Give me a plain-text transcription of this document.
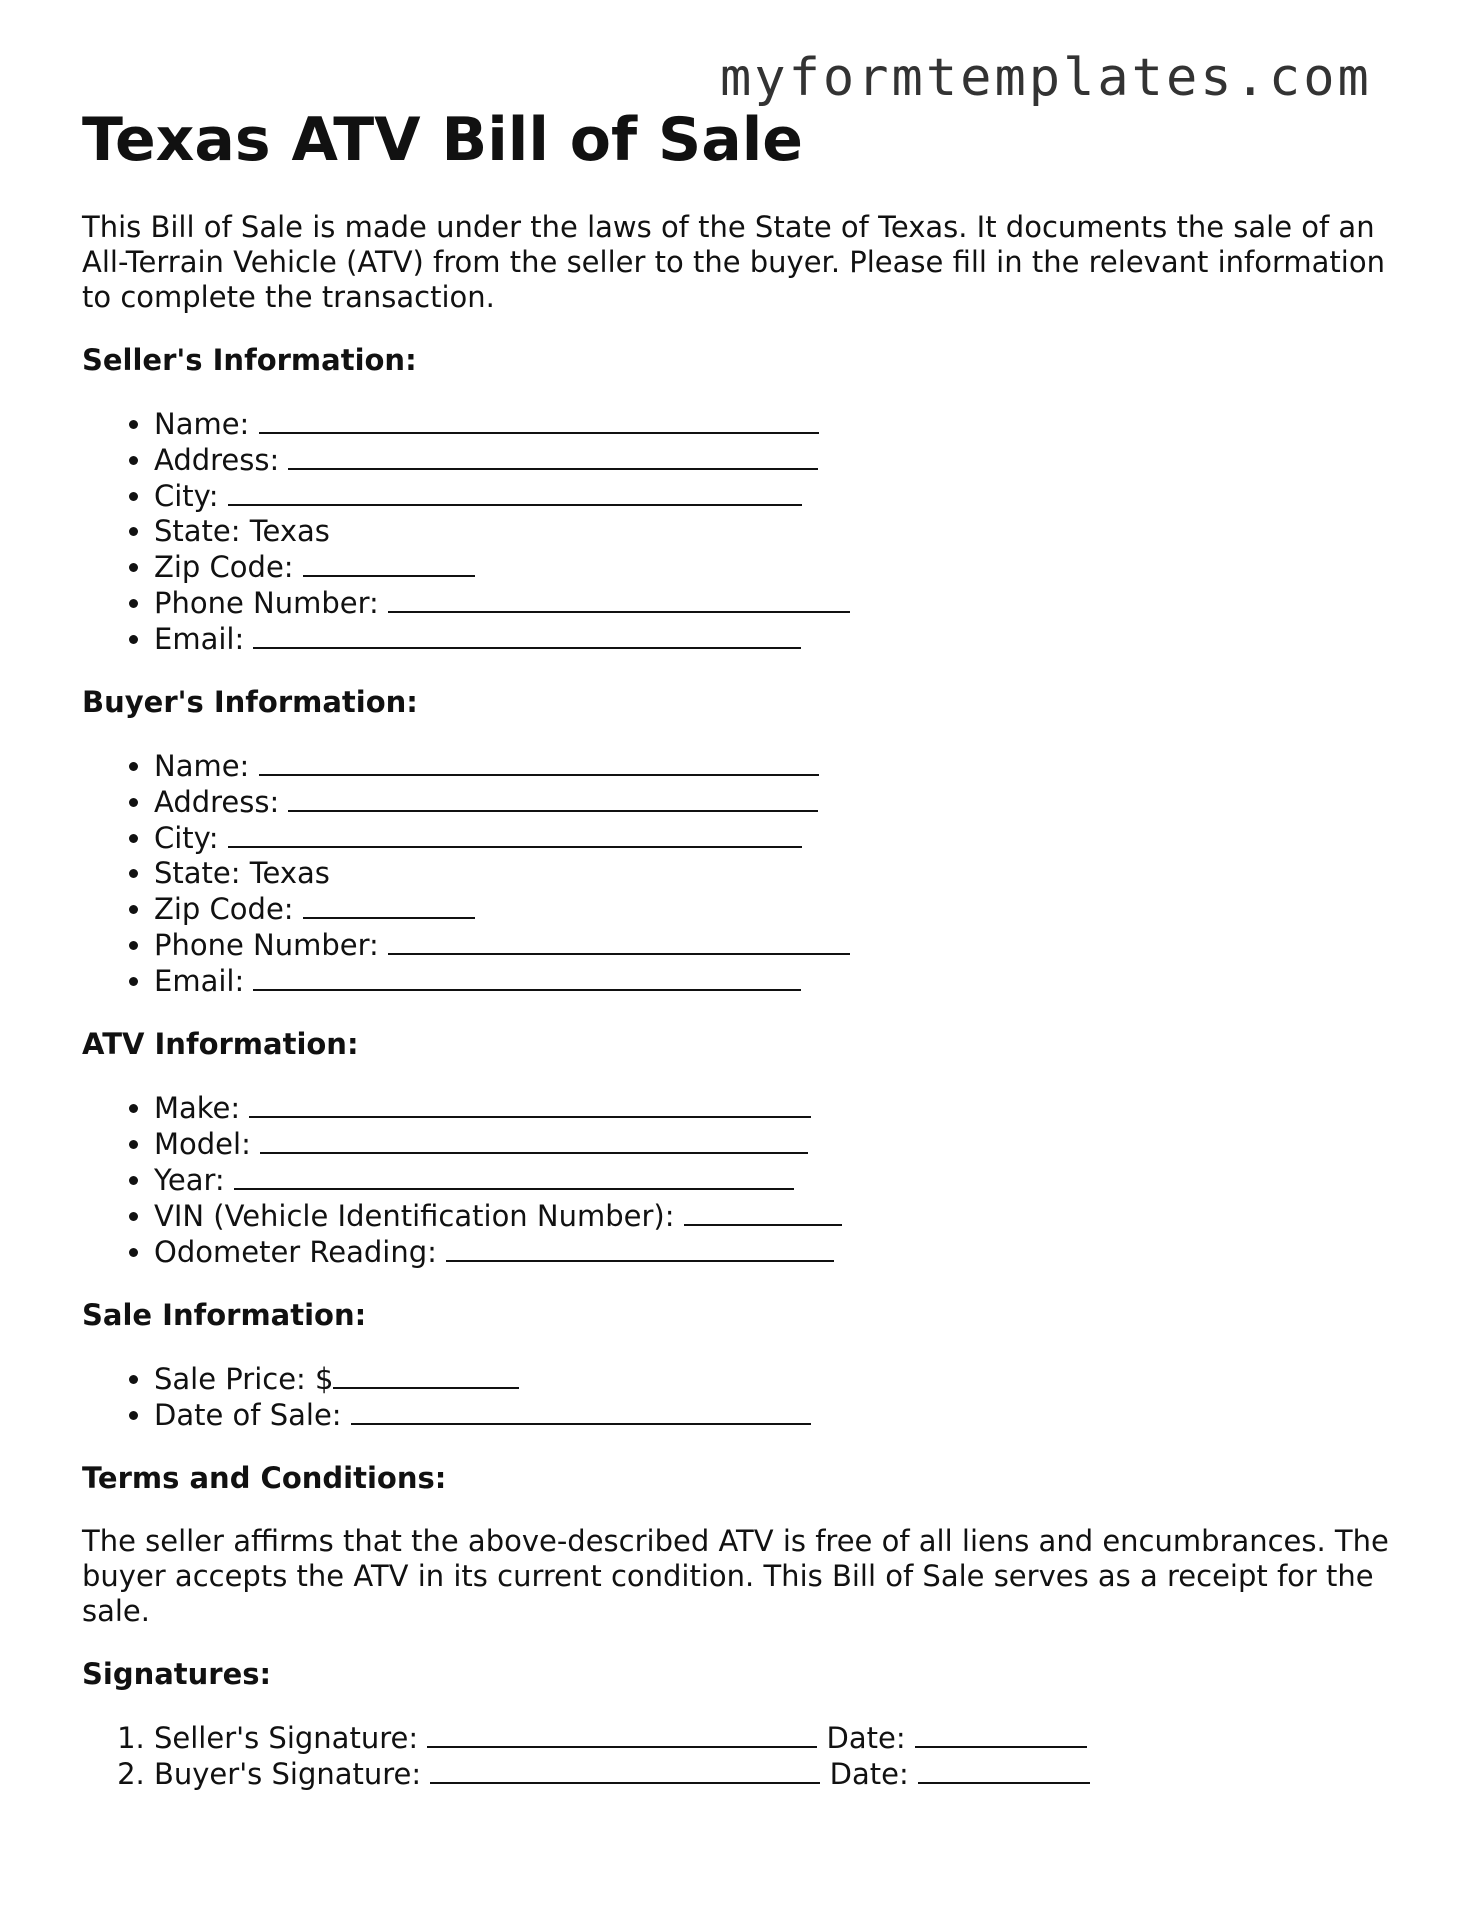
myformtemplates.com
Texas ATV Bill of Sale

This Bill of Sale is made under the laws of the State of Texas. It documents the sale of an All-Terrain Vehicle (ATV) from the seller to the buyer. Please fill in the relevant information to complete the transaction.

Seller's Information:
• Name:
• Address:
• City:
• State: Texas
• Zip Code:
• Phone Number:
• Email:
Buyer's Information:
• Name:
• Address:
• City:
• State: Texas
• Zip Code:
• Phone Number:
• Email:
ATV Information:
• Make:
• Model:
• Year:
• VIN (Vehicle Identification Number):
• Odometer Reading:
Sale Information:
• Sale Price: $
• Date of Sale:
Terms and Conditions:

The seller affirms that the above-described ATV is free of all liens and encumbrances. The buyer accepts the ATV in its current condition. This Bill of Sale serves as a receipt for the sale.

Signatures:
1. Seller's Signature:	Date:
2. Buyer's Signature:	Date:
